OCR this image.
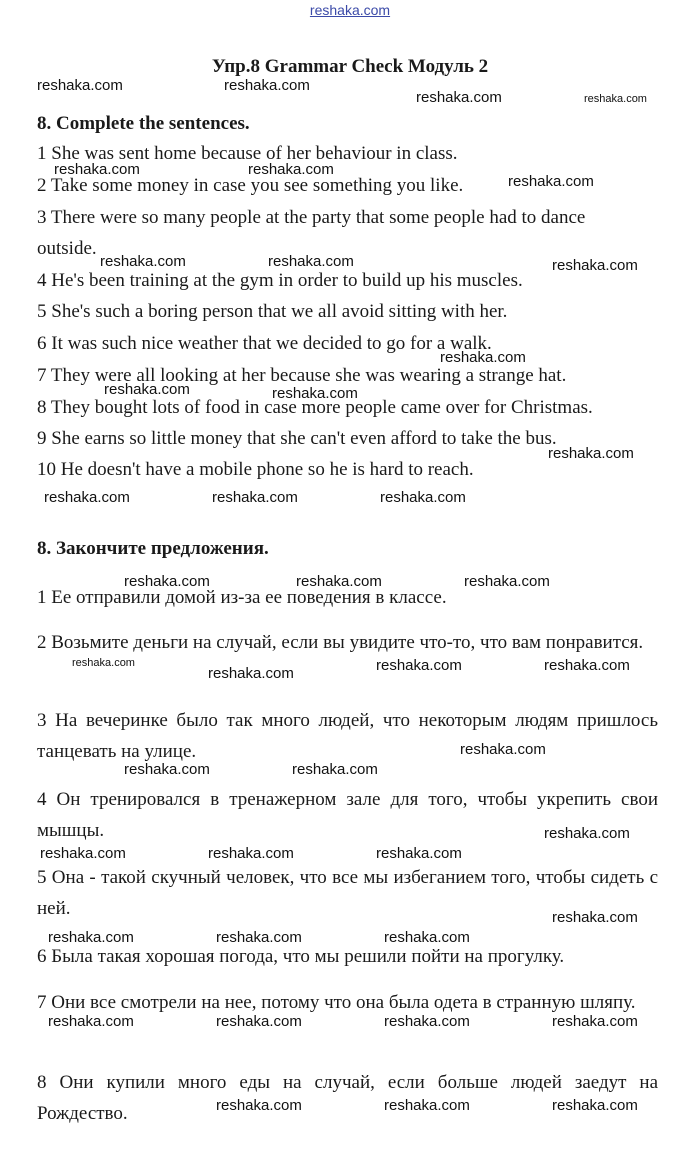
reshaka.com
Упр.8 Grammar Check Модуль 2
8. Complete the sentences.
1 She was sent home because of her behaviour in class.
2 Take some money in case you see something you like.
3 There were so many people at the party that some people had to dance
outside.
4 He's been training at the gym in order to build up his muscles.
5 She's such a boring person that we all avoid sitting with her.
6 It was such nice weather that we decided to go for a walk.
7 They were all looking at her because she was wearing a strange hat.
8 They bought lots of food in case more people came over for Christmas.
9 She earns so little money that she can't even afford to take the bus.
10 He doesn't have a mobile phone so he is hard to reach.
8. Закончите предложения.
1 Ее отправили домой из-за ее поведения в классе.
2 Возьмите деньги на случай, если вы увидите что-то, что вам понравится.
3 На вечеринке было так много людей, что некоторым людям пришлось танцевать на улице.
4 Он тренировался в тренажерном зале для того, чтобы укрепить свои мышцы.
5 Она - такой скучный человек, что все мы избеганием того, чтобы сидеть с ней.
6 Была такая хорошая погода, что мы решили пойти на прогулку.
7 Они все смотрели на нее, потому что она была одета в странную шляпу.
8 Они купили много еды на случай, если больше людей заедут на Рождество.
reshaka.com	reshaka.com
reshaka.com	reshaka.com
reshaka.com	reshaka.com
reshaka.com
reshaka.com	reshaka.com	reshaka.com
reshaka.com
reshaka.com	reshaka.com
reshaka.com
reshaka.com	reshaka.com	reshaka.com
reshaka.com	reshaka.com	reshaka.com
reshaka.com
reshaka.com	reshaka.com	reshaka.com
reshaka.com
reshaka.com	reshaka.com
reshaka.com
reshaka.com	reshaka.com	reshaka.com
reshaka.com
reshaka.com	reshaka.com	reshaka.com
reshaka.com	reshaka.com	reshaka.com	reshaka.com
reshaka.com	reshaka.com	reshaka.com
